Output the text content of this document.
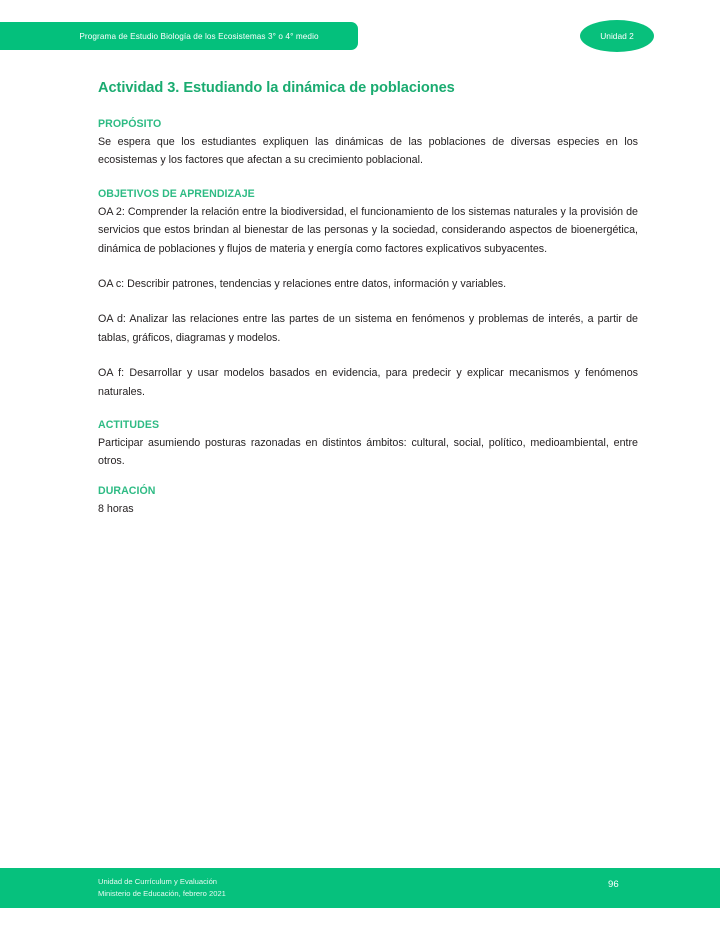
Programa de Estudio Biología de los Ecosistemas 3° o 4° medio	Unidad 2
Actividad 3. Estudiando la dinámica de poblaciones
PROPÓSITO

Se espera que los estudiantes expliquen las dinámicas de las poblaciones de diversas especies en los ecosistemas y los factores que afectan a su crecimiento poblacional.

OBJETIVOS DE APRENDIZAJE

OA 2: Comprender la relación entre la biodiversidad, el funcionamiento de los sistemas naturales y la provisión de servicios que estos brindan al bienestar de las personas y la sociedad, considerando aspectos de bioenergética, dinámica de poblaciones y flujos de materia y energía como factores explicativos subyacentes.

OA c: Describir patrones, tendencias y relaciones entre datos, información y variables.

OA d: Analizar las relaciones entre las partes de un sistema en fenómenos y problemas de interés, a partir de tablas, gráficos, diagramas y modelos.

OA f: Desarrollar y usar modelos basados en evidencia, para predecir y explicar mecanismos y fenómenos naturales.

ACTITUDES

Participar asumiendo posturas razonadas en distintos ámbitos: cultural, social, político, medioambiental, entre otros.

DURACIÓN

8 horas

Unidad de Currículum y Evaluación
Ministerio de Educación, febrero 2021
96
